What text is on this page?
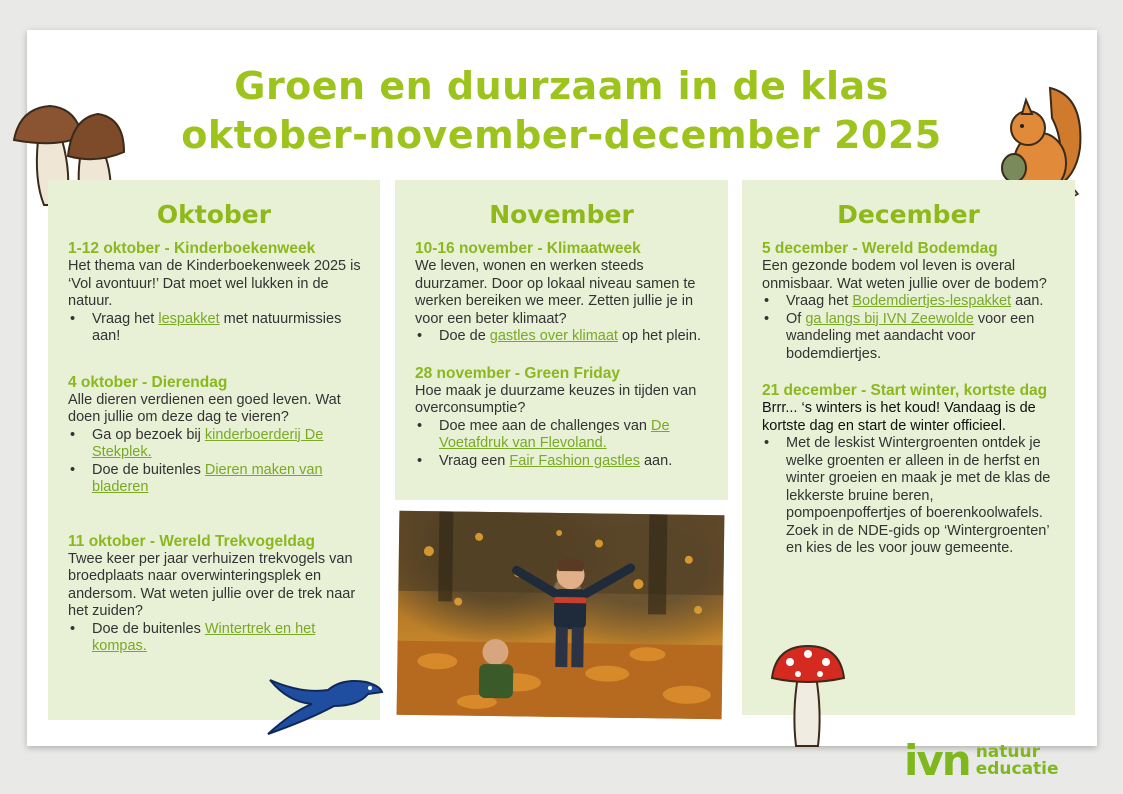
Groen en duurzaam in de klas
oktober-november-december 2025
Oktober
1-12 oktober - Kinderboekenweek

Het thema van de Kinderboekenweek 2025 is ‘Vol avontuur!’ Dat moet wel lukken in de natuur.

• Vraag het lespakket met natuurmissies aan!
4 oktober - Dierendag

Alle dieren verdienen een goed leven. Wat doen jullie om deze dag te vieren?

• Ga op bezoek bij kinderboerderij De Stekplek.
• Doe de buitenles Dieren maken van bladeren
11 oktober - Wereld Trekvogeldag

Twee keer per jaar verhuizen trekvogels van broedplaats naar overwinteringsplek en andersom. Wat weten jullie over de trek naar het zuiden?

• Doe de buitenles Wintertrek en het kompas.
November
10-16 november - Klimaatweek

We leven, wonen en werken steeds duurzamer. Door op lokaal niveau samen te werken bereiken we meer. Zetten jullie je in voor een beter klimaat?

• Doe de gastles over klimaat op het plein.
28 november - Green Friday

Hoe maak je duurzame keuzes in tijden van overconsumptie?

• Doe mee aan de challenges van De Voetafdruk van Flevoland.
• Vraag een Fair Fashion gastles aan.
December
5 december - Wereld Bodemdag

Een gezonde bodem vol leven is overal onmisbaar. Wat weten jullie over de bodem?

• Vraag het Bodemdiertjes-lespakket aan.
• Of ga langs bij IVN Zeewolde voor een wandeling met aandacht voor bodemdiertjes.
21 december - Start winter, kortste dag

Brrr... ‘s winters is het koud! Vandaag is de kortste dag en start de winter officieel.

• Met de leskist Wintergroenten ontdek je welke groenten er alleen in de herfst en winter groeien en maak je met de klas de lekkerste bruine beren, pompoenpoffertjes of boerenkoolwafels. Zoek in de NDE-gids op ‘Wintergroenten’ en kies de les voor jouw gemeente.
ivn natuur
educatie
